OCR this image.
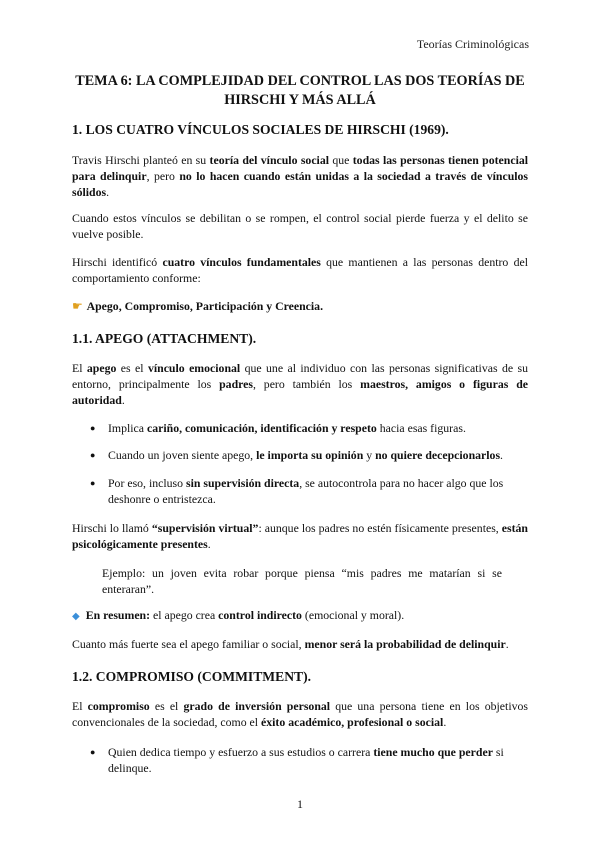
Teorías Criminológicas
TEMA 6: LA COMPLEJIDAD DEL CONTROL LAS DOS TEORÍAS DE HIRSCHI Y MÁS ALLÁ
1. LOS CUATRO VÍNCULOS SOCIALES DE HIRSCHI (1969).
Travis Hirschi planteó en su teoría del vínculo social que todas las personas tienen potencial para delinquir, pero no lo hacen cuando están unidas a la sociedad a través de vínculos sólidos.
Cuando estos vínculos se debilitan o se rompen, el control social pierde fuerza y el delito se vuelve posible.
Hirschi identificó cuatro vínculos fundamentales que mantienen a las personas dentro del comportamiento conforme:
☛ Apego, Compromiso, Participación y Creencia.
1.1. APEGO (ATTACHMENT).
El apego es el vínculo emocional que une al individuo con las personas significativas de su entorno, principalmente los padres, pero también los maestros, amigos o figuras de autoridad.
● Implica cariño, comunicación, identificación y respeto hacia esas figuras.
● Cuando un joven siente apego, le importa su opinión y no quiere decepcionarlos.
● Por eso, incluso sin supervisión directa, se autocontrola para no hacer algo que los deshonre o entristezca.
Hirschi lo llamó “supervisión virtual”: aunque los padres no estén físicamente presentes, están psicológicamente presentes.
Ejemplo: un joven evita robar porque piensa “mis padres me matarían si se enteraran”.
◆ En resumen: el apego crea control indirecto (emocional y moral).
Cuanto más fuerte sea el apego familiar o social, menor será la probabilidad de delinquir.
1.2. COMPROMISO (COMMITMENT).
El compromiso es el grado de inversión personal que una persona tiene en los objetivos convencionales de la sociedad, como el éxito académico, profesional o social.
● Quien dedica tiempo y esfuerzo a sus estudios o carrera tiene mucho que perder si delinque.
1
